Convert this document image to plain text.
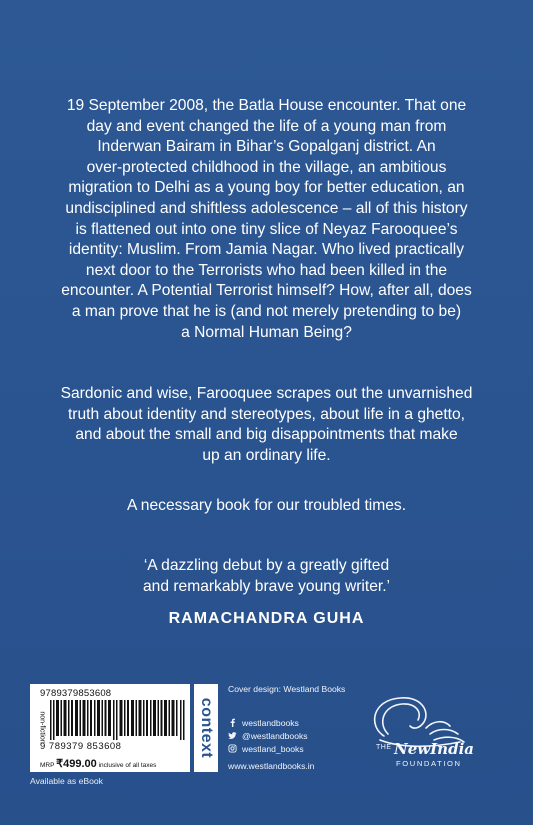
19 September 2008, the Batla House encounter. That one
day and event changed the life of a young man from
Inderwan Bairam in Bihar’s Gopalganj district. An
over-protected childhood in the village, an ambitious
migration to Delhi as a young boy for better education, an
undisciplined and shiftless adolescence – all of this history
is flattened out into one tiny slice of Neyaz Farooquee’s
identity: Muslim. From Jamia Nagar. Who lived practically
next door to the Terrorists who had been killed in the
encounter. A Potential Terrorist himself? How, after all, does
a man prove that he is (and not merely pretending to be)
a Normal Human Being?
Sardonic and wise, Farooquee scrapes out the unvarnished
truth about identity and stereotypes, about life in a ghetto,
and about the small and big disappointments that make
up an ordinary life.

A necessary book for our troubled times.

‘A dazzling debut by a greatly gifted
and remarkably brave young writer.’

RAMACHANDRA GUHA

9789379853608
non-fiction
9 789379 853608
MRP ₹499.00 inclusive of all taxes
Available as eBook
context
Cover design: Westland Books
westlandbooks
@westlandbooks
westland_books
www.westlandbooks.in
THE NewIndia
FOUNDATION
